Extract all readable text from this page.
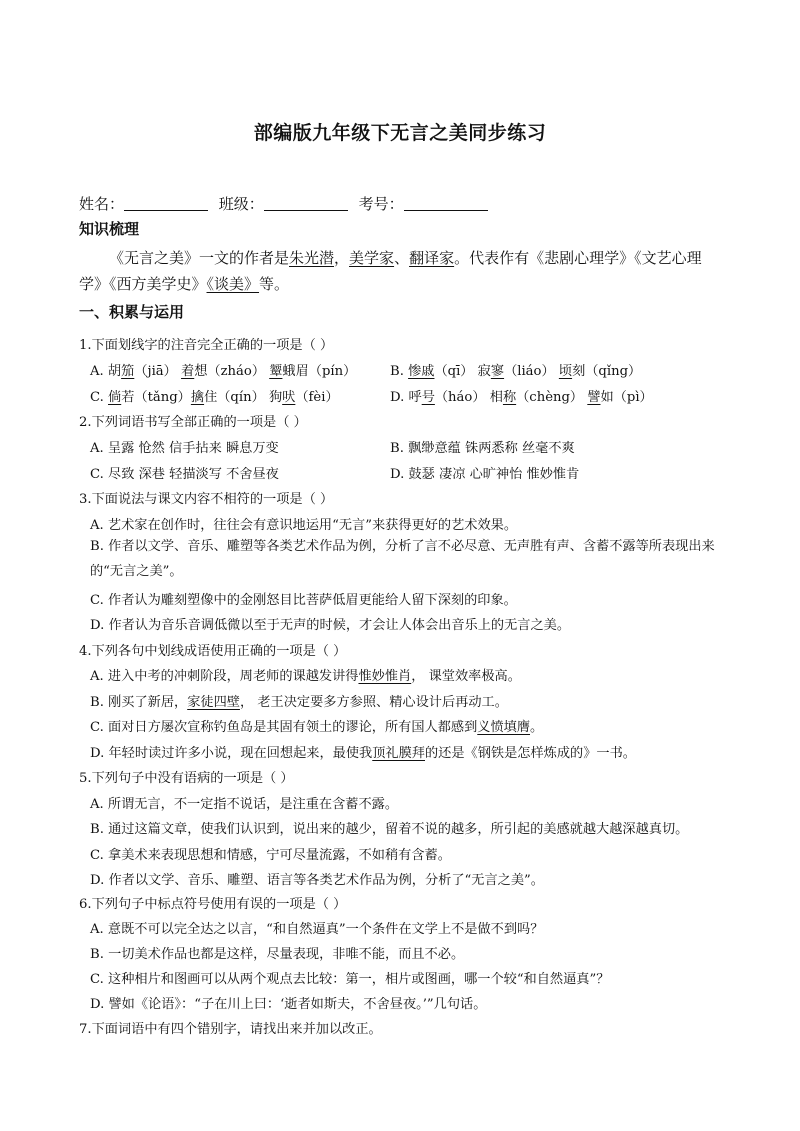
部编版九年级下无言之美同步练习
姓名：	班级：	考号：
知识梳理
《无言之美》一文的作者是朱光潜，美学家、翻译家。代表作有《悲剧心理学》《文艺心理学》《西方美学史》《谈美》等。
一、积累与运用
1.下面划线字的注音完全正确的一项是（ ）
A. 胡笳（jiā） 着想（zháo） 颦蛾眉（pín）	B. 惨戚（qī） 寂寥（liáo） 顷刻（qǐng）
C. 倘若（tǎng）擒住（qín） 狗吠（fèi）	D. 呼号（háo） 相称（chèng） 譬如（pì）
2.下列词语书写全部正确的一项是（ ）
A. 呈露 怆然 信手拈来 瞬息万变	B. 飘缈意蕴 铢两悉称 丝毫不爽
C. 尽致 深巷 轻描淡写 不舍昼夜	D. 鼓瑟 凄凉 心旷神怡 惟妙惟肯
3.下面说法与课文内容不相符的一项是（ ）
A. 艺术家在创作时，往往会有意识地运用“无言”来获得更好的艺术效果。
B. 作者以文学、音乐、雕塑等各类艺术作品为例，分析了言不必尽意、无声胜有声、含蓄不露等所表现出来的“无言之美”。
C. 作者认为雕刻塑像中的金刚怒目比菩萨低眉更能给人留下深刻的印象。
D. 作者认为音乐音调低微以至于无声的时候，才会让人体会出音乐上的无言之美。
4.下列各句中划线成语使用正确的一项是（ ）
A. 进入中考的冲刺阶段，周老师的课越发讲得惟妙惟肖， 课堂效率极高。
B. 刚买了新居，家徒四壁， 老王决定要多方参照、精心设计后再动工。
C. 面对日方屡次宣称钓鱼岛是其固有领土的谬论，所有国人都感到义愤填膺。
D. 年轻时读过许多小说，现在回想起来，最使我顶礼膜拜的还是《钢铁是怎样炼成的》一书。
5.下列句子中没有语病的一项是（ ）
A. 所谓无言，不一定指不说话，是注重在含蓄不露。
B. 通过这篇文章，使我们认识到，说出来的越少，留着不说的越多，所引起的美感就越大越深越真切。
C. 拿美术来表现思想和情感，宁可尽量流露，不如稍有含蓄。
D. 作者以文学、音乐、雕塑、语言等各类艺术作品为例，分析了“无言之美”。
6.下列句子中标点符号使用有误的一项是（ ）
A. 意既不可以完全达之以言，“和自然逼真”一个条件在文学上不是做不到吗？
B. 一切美术作品也都是这样，尽量表现，非唯不能，而且不必。
C. 这种相片和图画可以从两个观点去比较：第一，相片或图画，哪一个较“和自然逼真”？
D. 譬如《论语》：“子在川上曰：‘逝者如斯夫，不舍昼夜。’”几句话。
7.下面词语中有四个错别字，请找出来并加以改正。
